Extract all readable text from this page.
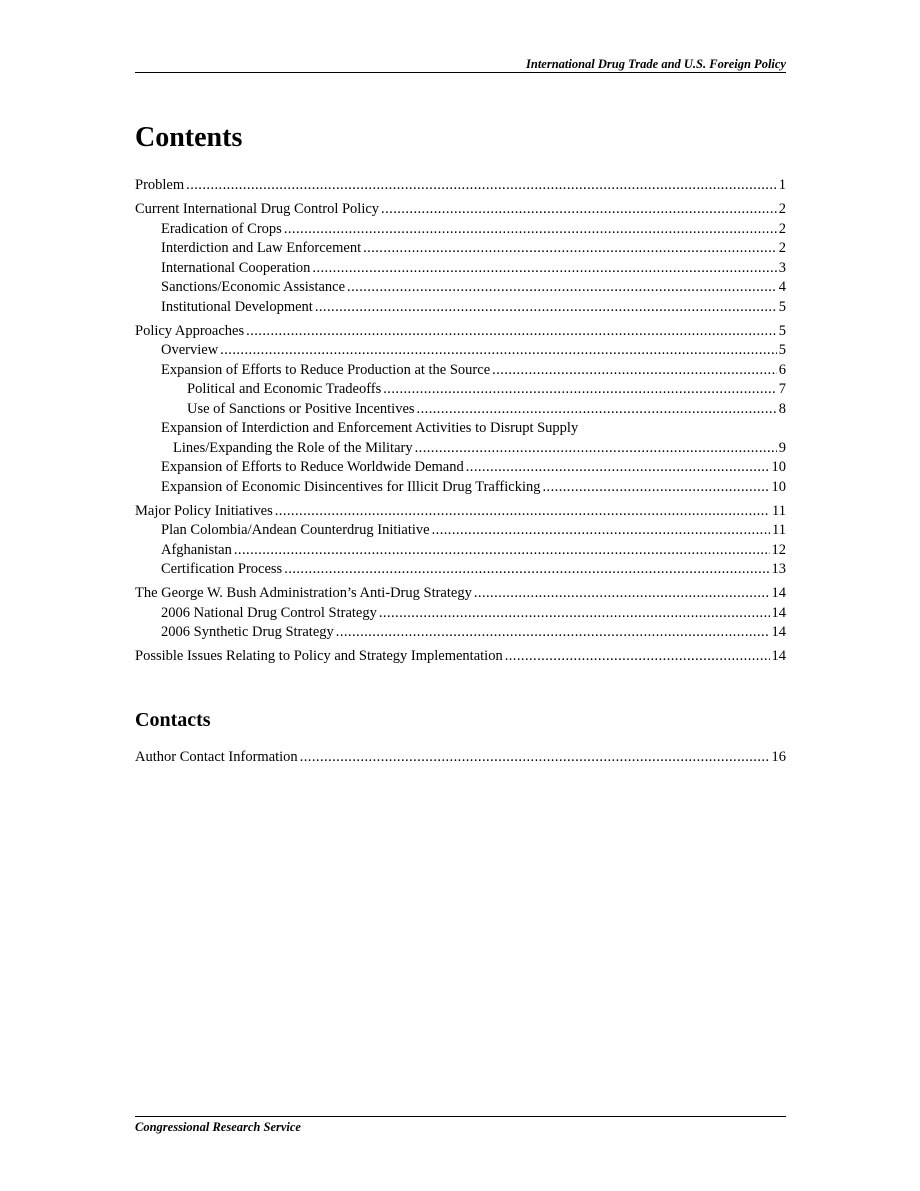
International Drug Trade and U.S. Foreign Policy
Contents
Problem . . .	1
Current International Drug Control Policy . . .	2
Eradication of Crops . . .	2
Interdiction and Law Enforcement . . .	2
International Cooperation . . .	3
Sanctions/Economic Assistance . . .	4
Institutional Development . . .	5
Policy Approaches . . .	5
Overview . . .	5
Expansion of Efforts to Reduce Production at the Source . . .	6
Political and Economic Tradeoffs . . .	7
Use of Sanctions or Positive Incentives . . .	8
Expansion of Interdiction and Enforcement Activities to Disrupt Supply
Lines/Expanding the Role of the Military . . .	9
Expansion of Efforts to Reduce Worldwide Demand . . .	10
Expansion of Economic Disincentives for Illicit Drug Trafficking . . .	10
Major Policy Initiatives . . .	11
Plan Colombia/Andean Counterdrug Initiative . . .	11
Afghanistan . . .	12
Certification Process . . .	13
The George W. Bush Administration’s Anti-Drug Strategy . . .	14
2006 National Drug Control Strategy . . .	14
2006 Synthetic Drug Strategy . . .	14
Possible Issues Relating to Policy and Strategy Implementation . . .	14
Contacts
Author Contact Information . . .	16
Congressional Research Service
